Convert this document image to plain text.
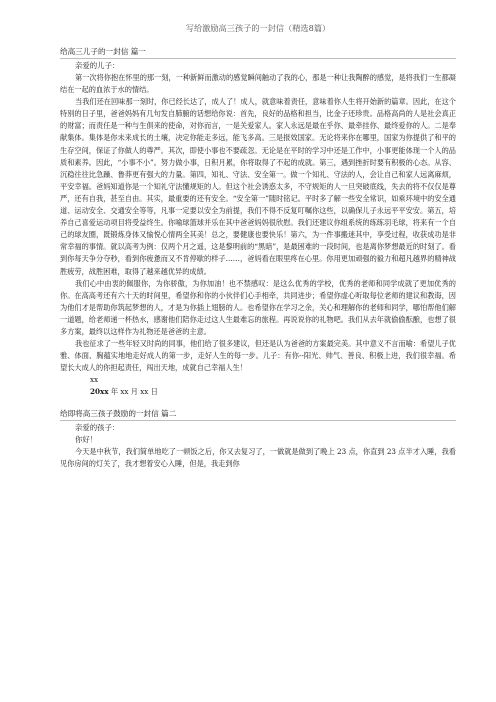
写给激励高三孩子的一封信（精选8篇）
给高三儿子的一封信 篇一

亲爱的儿子：

第一次将你抱在怀里的那一刻，一种新鲜而激动的感觉瞬间触动了我的心，那是一种让我陶醉的感觉，是将我们一生都凝结在一起的血浓于水的情结。

当我们还在回味那一刻时，你已经长达了，成人了！成人，就意味着责任，意味着你人生将开始新的篇章。因此，在这个特别的日子里，爸爸妈妈有几句发自肺腑的话想给你说：首先，良好的品格和担当，比金子还珍贵。品格高尚的人是社会真正的财富；而责任是一种与生俱来的使命，对你而言，一是关爱家人。家人永远是最在乎你、最牵挂你、最终爱你的人。二是奉献集体。集体是你未来成长的土壤，决定你能走多远，能飞多高。三是报效国家。无论将来你在哪里，国家为你提供了和平的生存空间，保证了你做人的尊严。其次，即使小事也不要疏忽。无论是在平时的学习中还是工作中，小事更能体现一个人的品质和素养。因此，“小事不小”。努力做小事，日积月累，你将取得了不起的成就。第三，遇到挫折时要有积极的心态。从容、沉稳往往比急躁、鲁莽更有强大的力量。第四，知礼、守法、安全第一。做一个知礼、守法的人，会让自己和家人远离麻烦，平安幸福。爸妈知道你是一个知礼守法懂规矩的人。但这个社会诱惑太多，不守规矩的人一旦突破底线，失去的将不仅仅是尊严，还有自我，甚至自由。其实，最重要的还有安全。“安全第一”随时铭记。平时多了解一些安全常识，如乘环境中的安全通道、运动安全、交通安全等等，凡事一定要以安全为前提，我们不得不反复叮嘱你这些，以确保儿子永远平平安安。第五，培养自己喜爱运动项目将受益终生。你喻球篮球并乐在其中爸爸妈妈很欣慰。我们还建议你组系统的练练羽毛球，将来有一个自己的球友圈，既锻炼身体又愉悦心情两全其美！总之，要健康也要快乐！第六，为一件事搬迷其中，享受过程，收获成功是非常幸福的事情。就以高考为例：仅两个月之遥，这是黎明前的“黑暗”，是最困难的一段时间，也是离你梦想最近的时刻了。看到你每天争分夺秒，看到你疲惫而又不肯停歇的样子……，爸妈看在眼里疼在心里。你用更加顽强的毅力和超凡越界的精神战胜疲劳，战胜困难，取得了越来越优异的成绩。

我们心中由衷的佩服你，为你骄傲，为你加油！也不禁感叹：是这么优秀的学校，优秀的老师和同学成就了更加优秀的你。在高高考还有六十天的时间里，希望你和你的小伙伴们心手相牵，共同进步；希望你虚心听取每位老师的建议和教诲，因为他们才是帮助你筑起梦想的人，才是为你插上翅膀的人。也希望你在学习之余，关心和理解你的老师和同学，哪怕帮他们解一道题，给老师递一杯热水，感谢他们陪你走过这人生最难忘的旅程。再说说你的礼物吧。我们从去年就偷偷酝酿，也想了很多方案，最终以这样作为礼物还是爸爸的主意。

我也征求了一些年轻又时尚的同事，他们给了很多建议，但还是认为爸爸的方案最完美。其中意义不言而喻：希望儿子优雅、体面、胸蕴实地地走好成人的第一步，走好人生的每一步。儿子：有你--阳光、帅气、善良、积极上进，我们很幸福。希望长大成人的你担起责任，闯出天地，成就自己幸福人生！

xx

20xx 年 xx 月 xx 日

给即将高三孩子鼓励的一封信 篇二

亲爱的孩子：

你好！

今天是中秋节，我们简单地吃了一顿饭之后，你又去复习了，一做就是做到了晚上 23 点，你直到 23 点半才入睡，我看见你房间的灯关了，我才想着安心入睡，但是，我走到你
